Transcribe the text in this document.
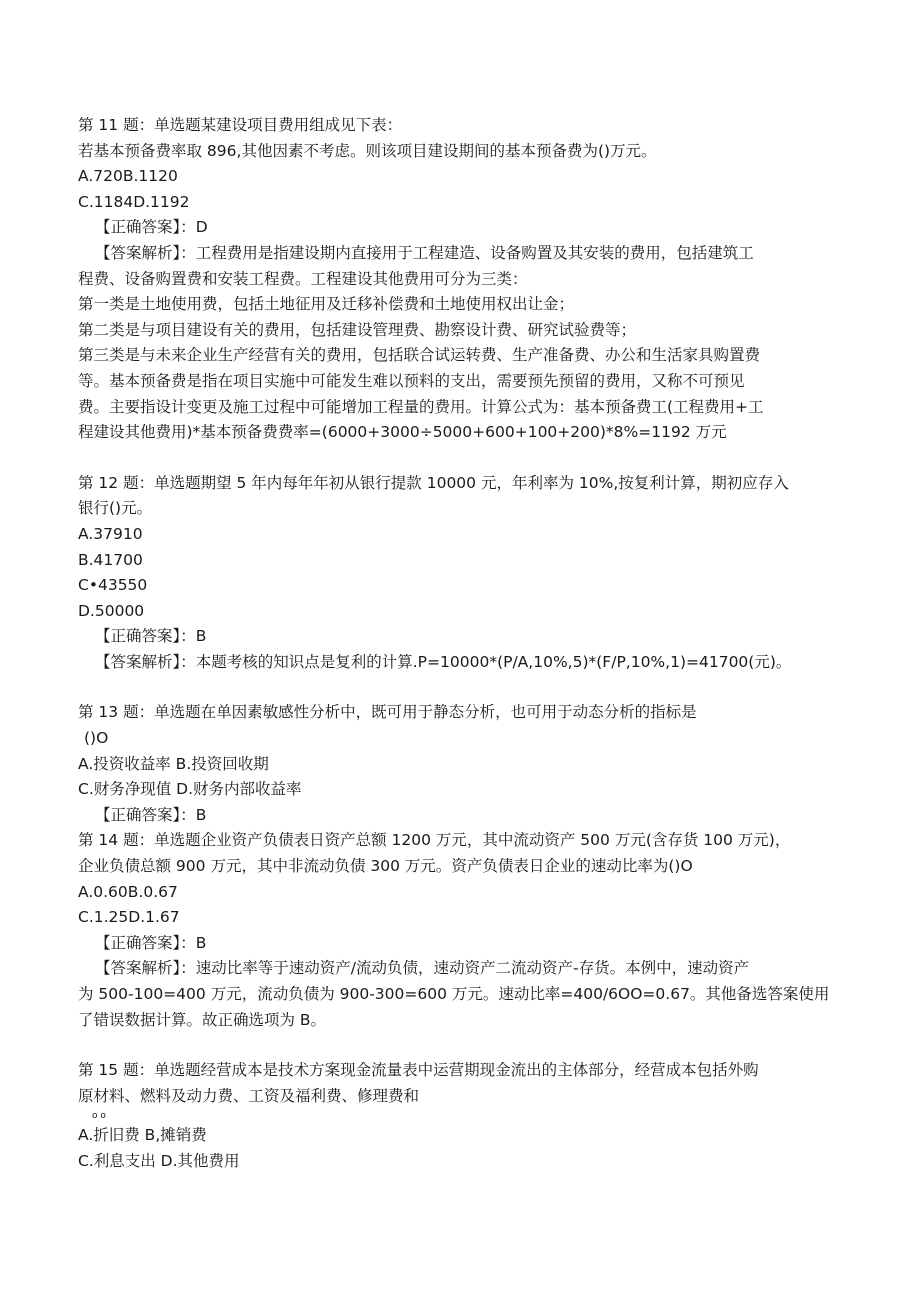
第 11 题：单选题某建设项目费用组成见下表：
若基本预备费率取 896,其他因素不考虑。则该项目建设期间的基本预备费为()万元。
A.720B.1120
C.1184D.1192
【正确答案】：D
【答案解析】：工程费用是指建设期内直接用于工程建造、设备购置及其安装的费用，包括建筑工
程费、设备购置费和安装工程费。工程建设其他费用可分为三类：
第一类是土地使用费，包括土地征用及迁移补偿费和土地使用权出让金；
第二类是与项目建设有关的费用，包括建设管理费、勘察设计费、研究试验费等；
第三类是与未来企业生产经营有关的费用，包括联合试运转费、生产准备费、办公和生活家具购置费
等。基本预备费是指在项目实施中可能发生难以预料的支出，需要预先预留的费用，又称不可预见
费。主要指设计变更及施工过程中可能增加工程量的费用。计算公式为：基本预备费工(工程费用+工
程建设其他费用)*基本预备费费率=(6000+3000÷5000+600+100+200)*8%=1192 万元
第 12 题：单选题期望 5 年内每年年初从银行提款 10000 元，年利率为 10%,按复利计算，期初应存入
银行()元。
A.37910
B.41700
C•43550
D.50000
【正确答案】：B
【答案解析】：本题考核的知识点是复利的计算.P=10000*(P/A,10%,5)*(F/P,10%,1)=41700(元)。
第 13 题：单选题在单因素敏感性分析中，既可用于静态分析，也可用于动态分析的指标是
()O
A.投资收益率 B.投资回收期
C.财务净现值 D.财务内部收益率
【正确答案】：B
第 14 题：单选题企业资产负债表日资产总额 1200 万元，其中流动资产 500 万元(含存货 100 万元)，
企业负债总额 900 万元，其中非流动负债 300 万元。资产负债表日企业的速动比率为()O
A.0.60B.0.67
C.1.25D.1.67
【正确答案】：B
【答案解析】：速动比率等于速动资产/流动负债，速动资产二流动资产-存货。本例中，速动资产
为 500-100=400 万元，流动负债为 900-300=600 万元。速动比率=400/6OO=0.67。其他备选答案使用
了错误数据计算。故正确选项为 B。
第 15 题：单选题经营成本是技术方案现金流量表中运营期现金流出的主体部分，经营成本包括外购
原材料、燃料及动力费、工资及福利费、修理费和
o o
A.折旧费 B,摊销费
C.利息支出 D.其他费用
